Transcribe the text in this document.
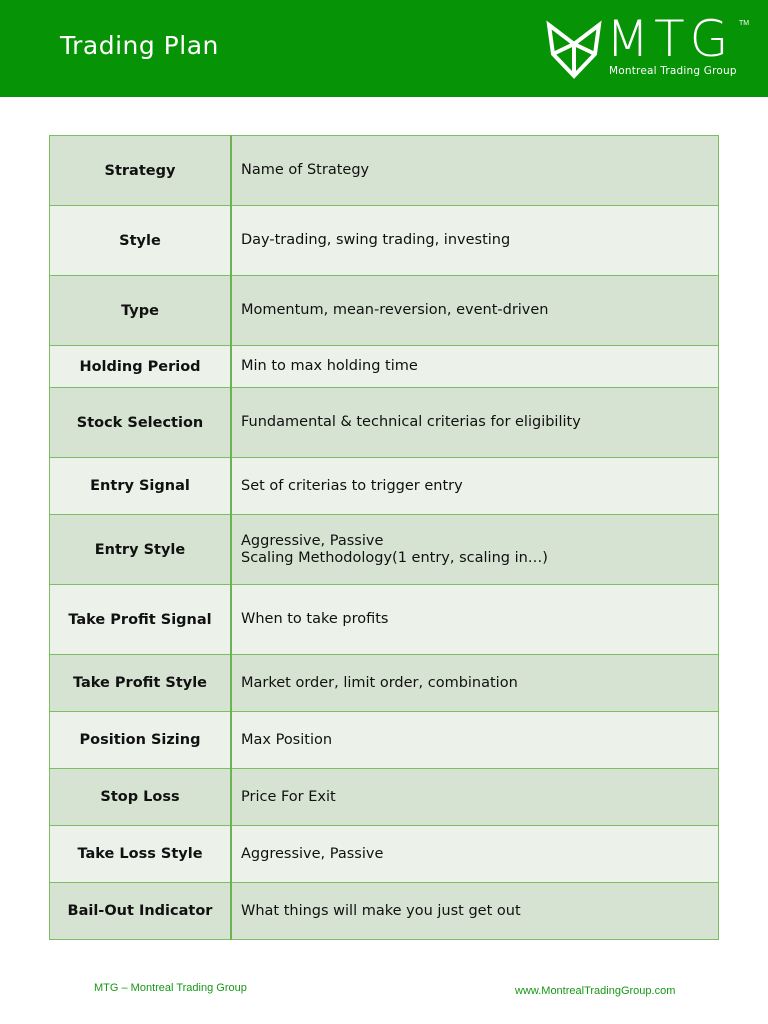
Trading Plan	MTG TM
Montreal Trading Group
Strategy	Name of Strategy

Style	Day-trading, swing trading, investing

Type	Momentum, mean-reversion, event-driven

Holding Period	Min to max holding time

Stock Selection	Fundamental & technical criterias for eligibility

Entry Signal	Set of criterias to trigger entry

Entry Style	Aggressive, Passive
Scaling Methodology(1 entry, scaling in…)

Take Profit Signal	When to take profits

Take Profit Style	Market order, limit order, combination

Position Sizing	Max Position

Stop Loss	Price For Exit

Take Loss Style	Aggressive, Passive

Bail-Out Indicator	What things will make you just get out
MTG – Montreal Trading Group	www.MontrealTradingGroup.com
